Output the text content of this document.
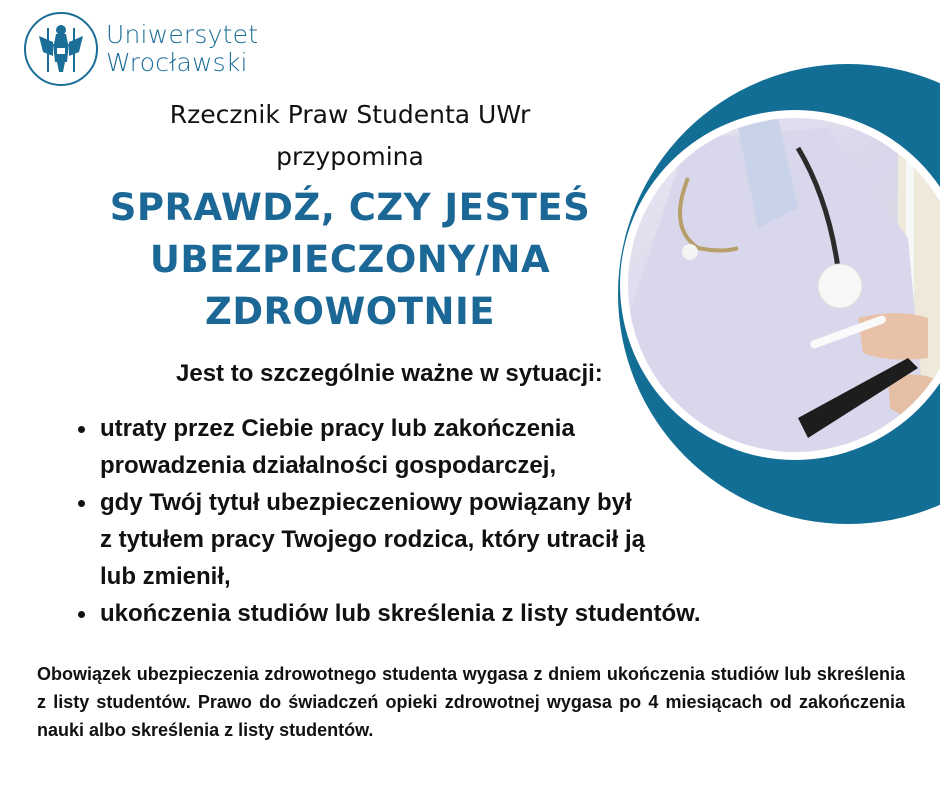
Uniwersytet
Wrocławski
Rzecznik Praw Studenta UWr
przypomina
SPRAWDŹ, CZY JESTEŚ
UBEZPIECZONY/NA
ZDROWOTNIE
Jest to szczególnie ważne w sytuacji:
utraty przez Ciebie pracy lub zakończenia
prowadzenia działalności gospodarczej,
gdy Twój tytuł ubezpieczeniowy powiązany był
z tytułem pracy Twojego rodzica, który utracił ją
lub zmienił,
ukończenia studiów lub skreślenia z listy studentów.
Obowiązek ubezpieczenia zdrowotnego studenta wygasa z dniem ukończenia studiów lub skreślenia z listy studentów. Prawo do świadczeń opieki zdrowotnej wygasa po 4 miesiącach od zakończenia nauki albo skreślenia z listy studentów.
